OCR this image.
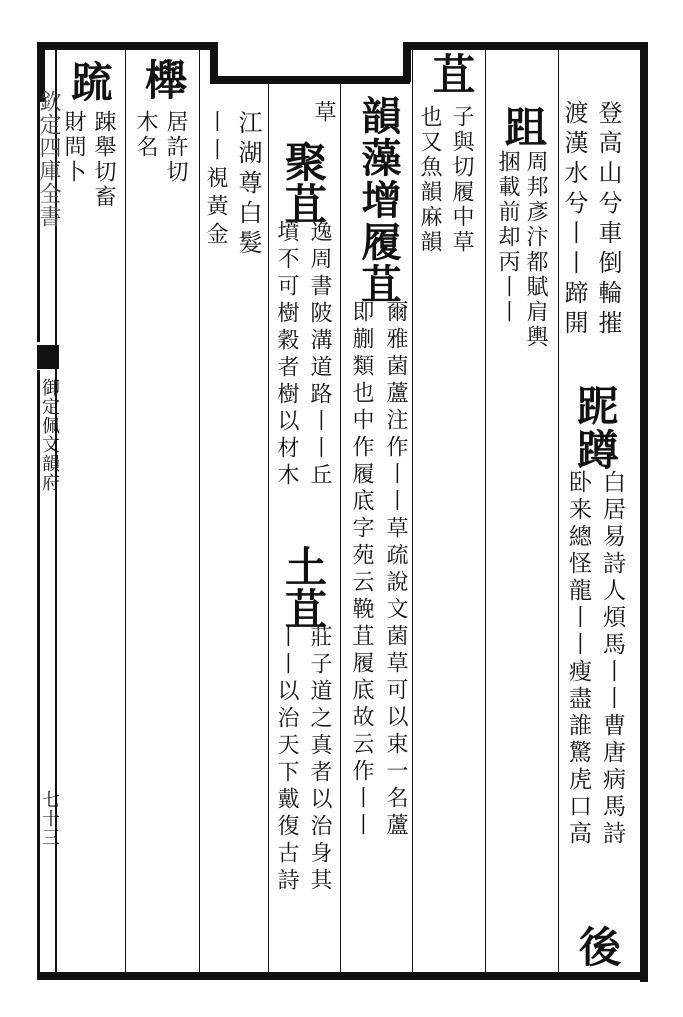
欽定四庫全書
御定佩文韻府
七十三
登高山兮車倒輪摧
渡漢水兮丨丨蹄開
跜
蹲
白居易詩人煩馬丨丨曹唐病馬詩
卧来總怪龍丨丨瘦盡誰驚虎口高
後
跙
周邦彥汴都賦肩輿
捆載前却丙丨丨
苴
子與切履中草
也又魚韻麻韻
韻藻增履苴
爾雅菌蘆注作丨丨草疏說文菌草可以束一名蘆
即蒯類也中作履底字苑云鞔苴履底故云作丨丨
草
聚苴
逸周書陂溝道路丨丨丘
墳不可樹穀者樹以材木
土苴
莊子道之真者以治身其
丨丨以治天下戴復古詩
江湖尊白髮
丨丨視黃金
櫸
居許切
木名
䟽
踈舉切畜
財問卜
